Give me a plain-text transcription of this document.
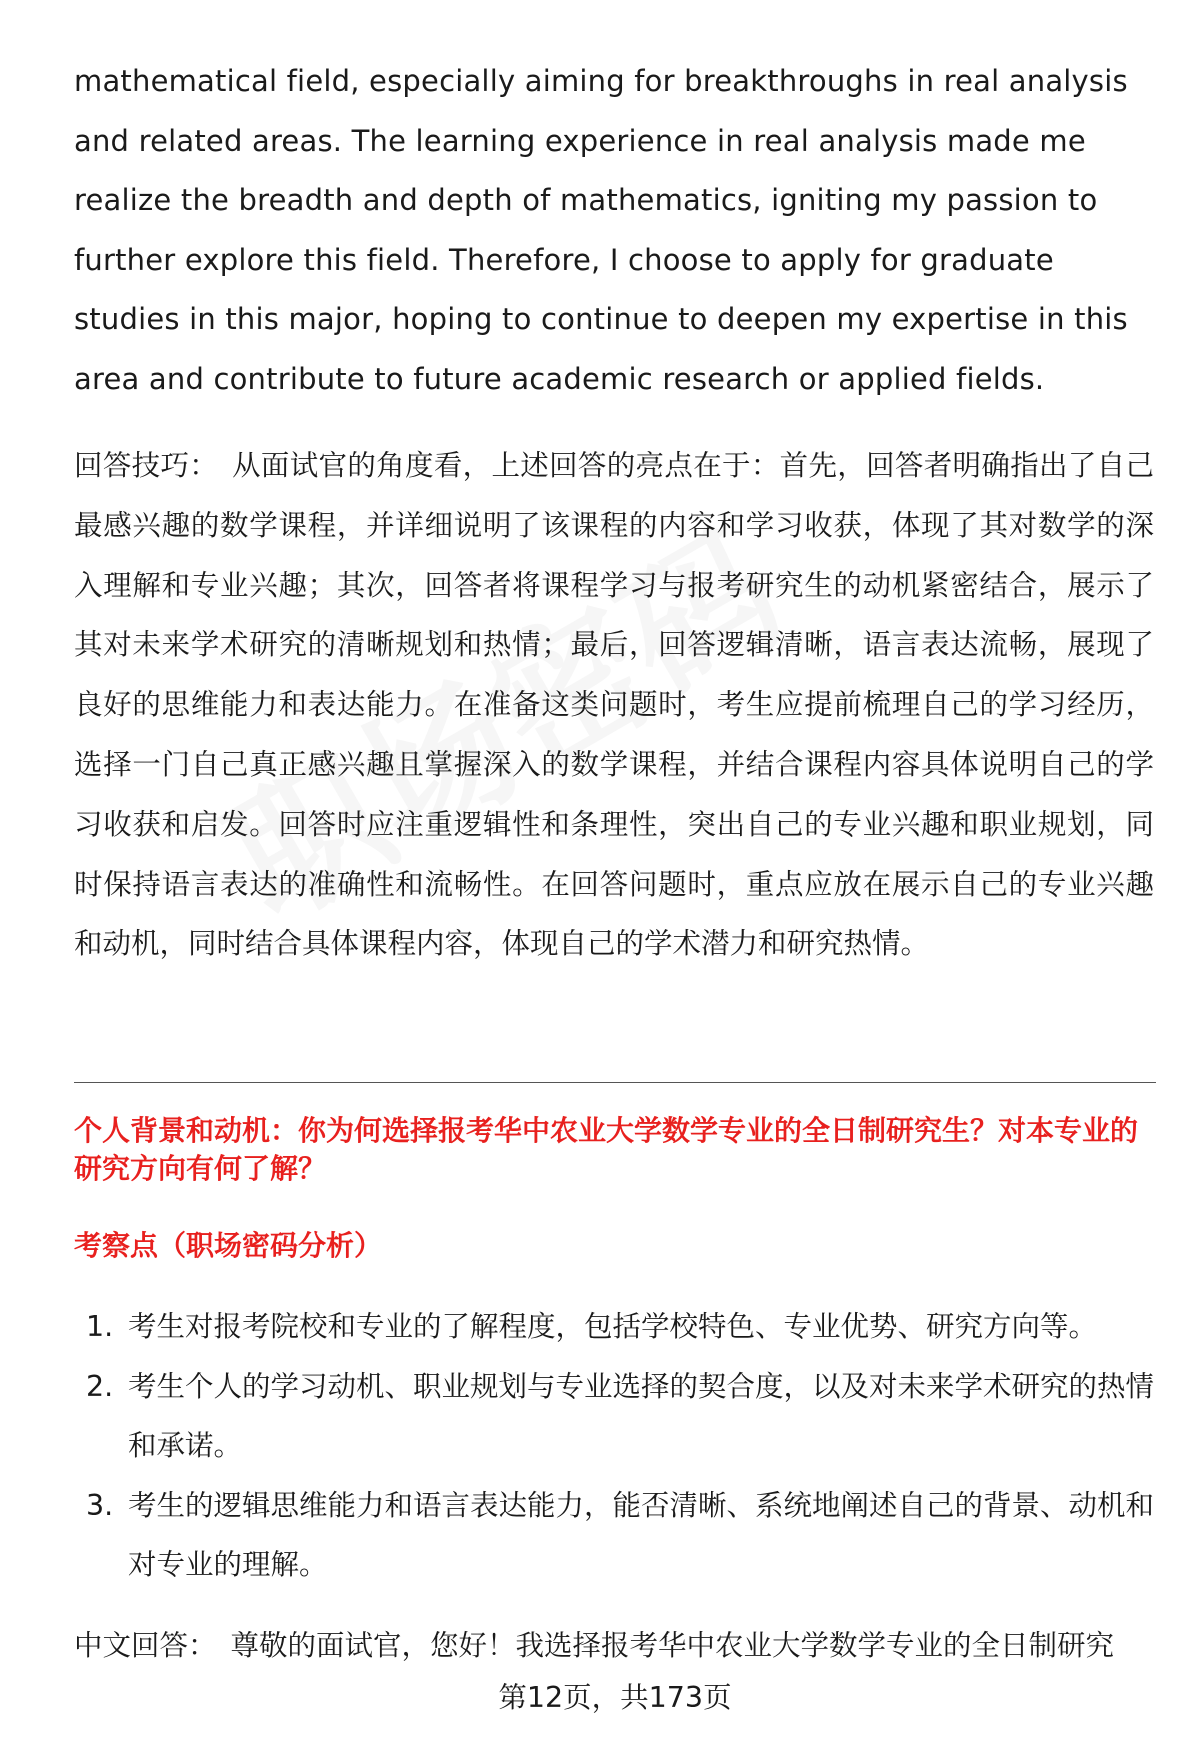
mathematical field, especially aiming for breakthroughs in real analysis and related areas. The learning experience in real analysis made me realize the breadth and depth of mathematics, igniting my passion to further explore this field. Therefore, I choose to apply for graduate studies in this major, hoping to continue to deepen my expertise in this area and contribute to future academic research or applied fields.

回答技巧： 从面试官的角度看，上述回答的亮点在于：首先，回答者明确指出了自己最感兴趣的数学课程，并详细说明了该课程的内容和学习收获，体现了其对数学的深入理解和专业兴趣；其次，回答者将课程学习与报考研究生的动机紧密结合，展示了其对未来学术研究的清晰规划和热情；最后，回答逻辑清晰，语言表达流畅，展现了良好的思维能力和表达能力。在准备这类问题时，考生应提前梳理自己的学习经历，选择一门自己真正感兴趣且掌握深入的数学课程，并结合课程内容具体说明自己的学习收获和启发。回答时应注重逻辑性和条理性，突出自己的专业兴趣和职业规划，同时保持语言表达的准确性和流畅性。在回答问题时，重点应放在展示自己的专业兴趣和动机，同时结合具体课程内容，体现自己的学术潜力和研究热情。

个人背景和动机：你为何选择报考华中农业大学数学专业的全日制研究生？对本专业的研究方向有何了解？

考察点（职场密码分析）

1. 考生对报考院校和专业的了解程度，包括学校特色、专业优势、研究方向等。
2. 考生个人的学习动机、职业规划与专业选择的契合度，以及对未来学术研究的热情和承诺。
3. 考生的逻辑思维能力和语言表达能力，能否清晰、系统地阐述自己的背景、动机和对专业的理解。

中文回答： 尊敬的面试官，您好！我选择报考华中农业大学数学专业的全日制研究

第12页，共173页
